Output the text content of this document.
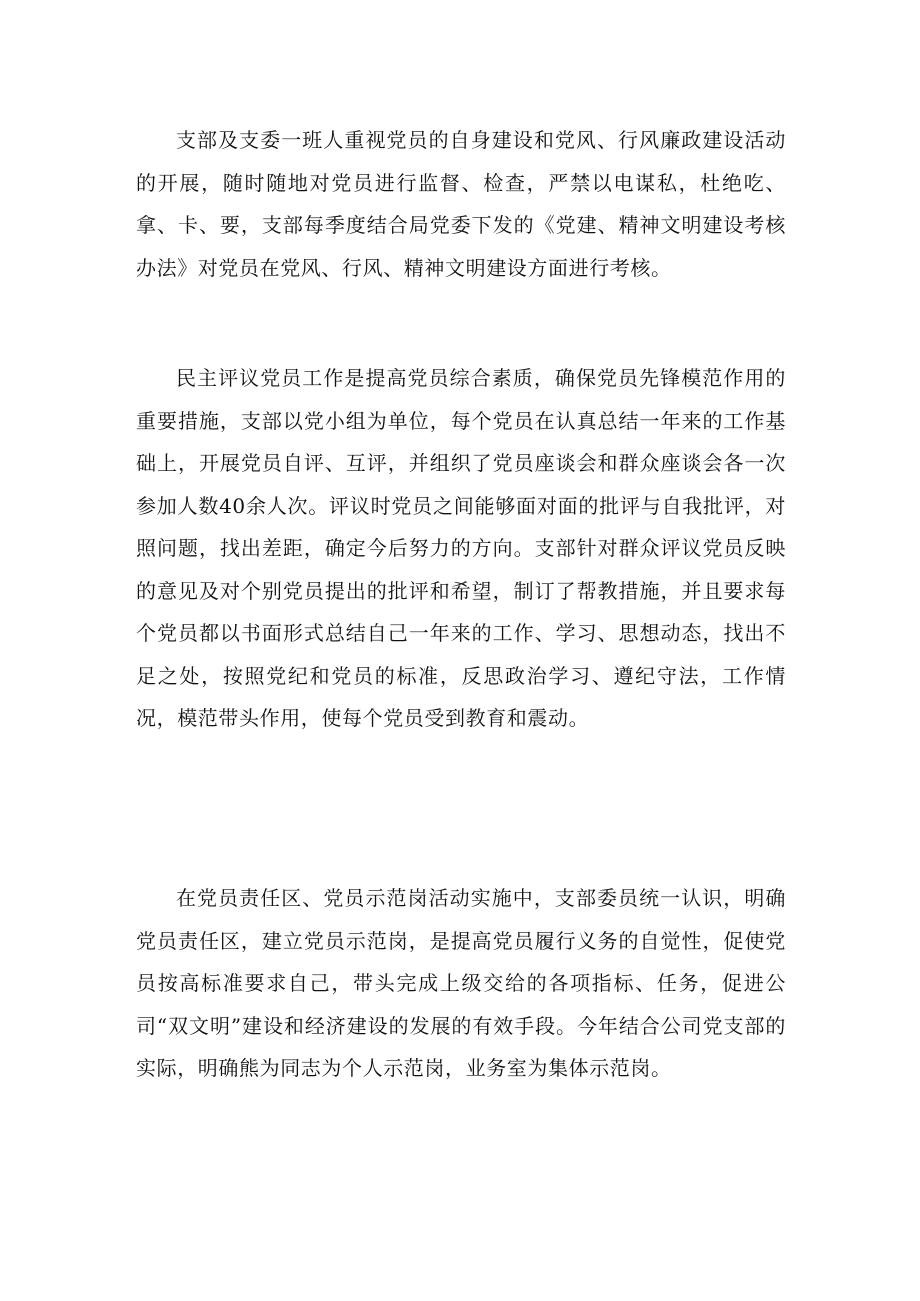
支部及支委一班人重视党员的自身建设和党风、行风廉政建设活动的开展，随时随地对党员进行监督、检查，严禁以电谋私，杜绝吃、拿、卡、要，支部每季度结合局党委下发的《党建、精神文明建设考核办法》对党员在党风、行风、精神文明建设方面进行考核。

民主评议党员工作是提高党员综合素质，确保党员先锋模范作用的重要措施，支部以党小组为单位，每个党员在认真总结一年来的工作基础上，开展党员自评、互评，并组织了党员座谈会和群众座谈会各一次参加人数40余人次。评议时党员之间能够面对面的批评与自我批评，对照问题，找出差距，确定今后努力的方向。支部针对群众评议党员反映的意见及对个别党员提出的批评和希望，制订了帮教措施，并且要求每个党员都以书面形式总结自己一年来的工作、学习、思想动态，找出不足之处，按照党纪和党员的标准，反思政治学习、遵纪守法，工作情况，模范带头作用，使每个党员受到教育和震动。

在党员责任区、党员示范岗活动实施中，支部委员统一认识，明确党员责任区，建立党员示范岗，是提高党员履行义务的自觉性，促使党员按高标准要求自己，带头完成上级交给的各项指标、任务，促进公司“双文明”建设和经济建设的发展的有效手段。今年结合公司党支部的实际，明确熊为同志为个人示范岗，业务室为集体示范岗。
